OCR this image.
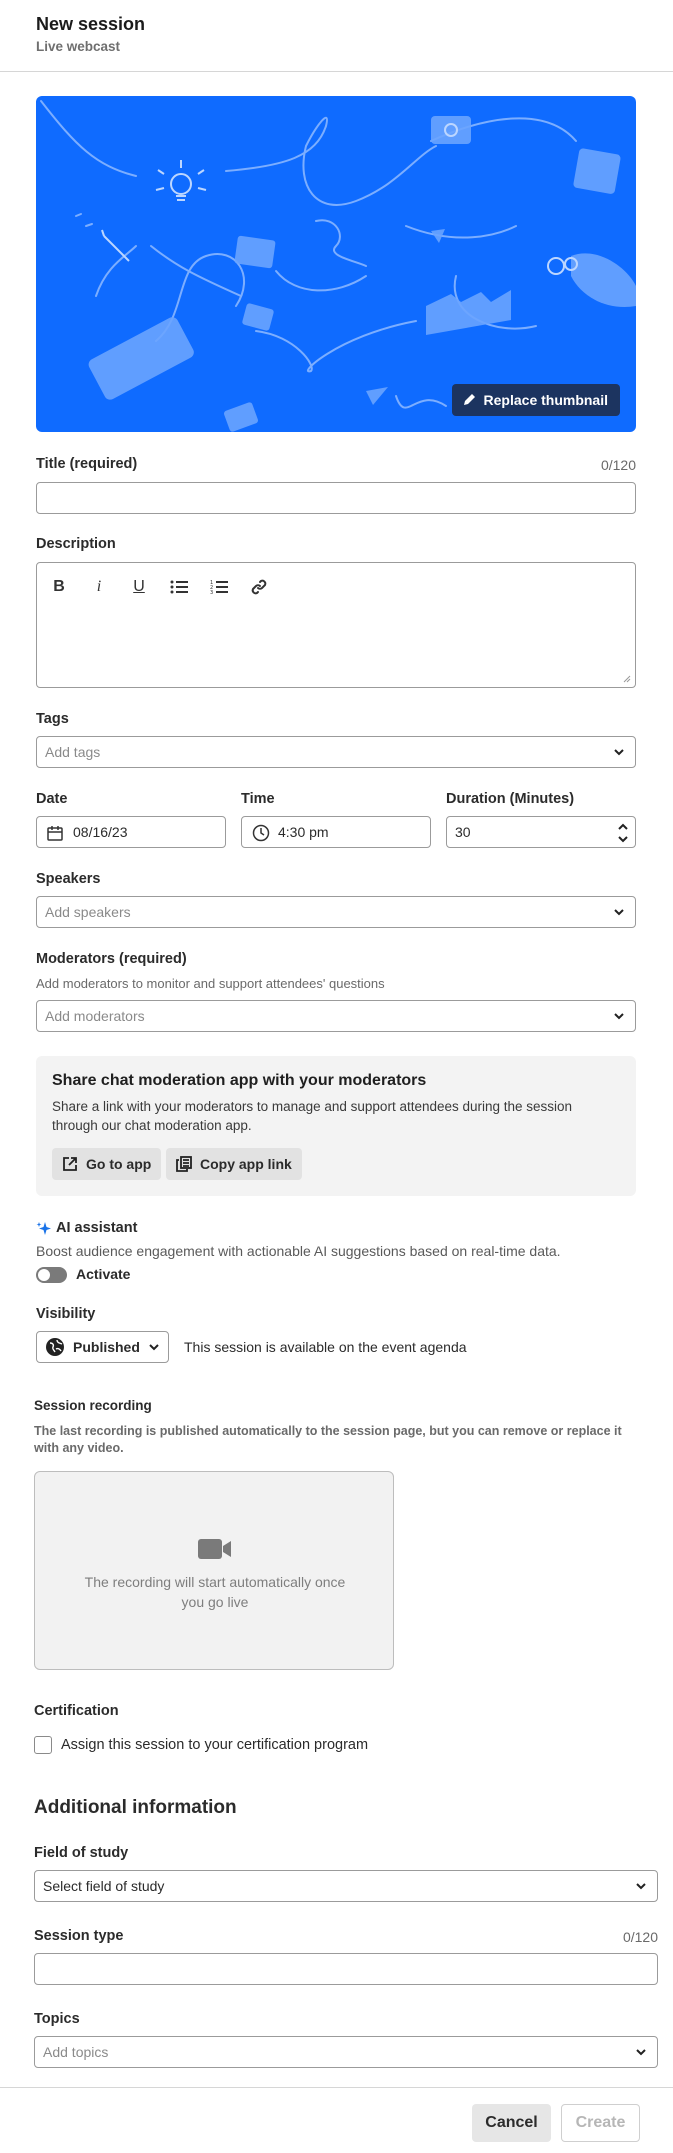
New session
Live webcast
Replace thumbnail
Title (required)	0/120
Description
B	i	U	1
2
3
Tags
Add tags
Date
08/16/23
Time
4:30 pm
Duration (Minutes)
30
Speakers
Add speakers
Moderators (required)
Add moderators to monitor and support attendees' questions
Add moderators
Share chat moderation app with your moderators
Share a link with your moderators to manage and support attendees during the session through our chat moderation app.
Go to app	Copy app link
AI assistant
Boost audience engagement with actionable AI suggestions based on real-time data.
Activate
Visibility
Published	This session is available on the event agenda
Session recording
The last recording is published automatically to the session page, but you can remove or replace it with any video.
The recording will start automatically once you go live
Certification
Assign this session to your certification program
Additional information
Field of study
Select field of study
Session type	0/120
Topics
Add topics
Cancel	Create
